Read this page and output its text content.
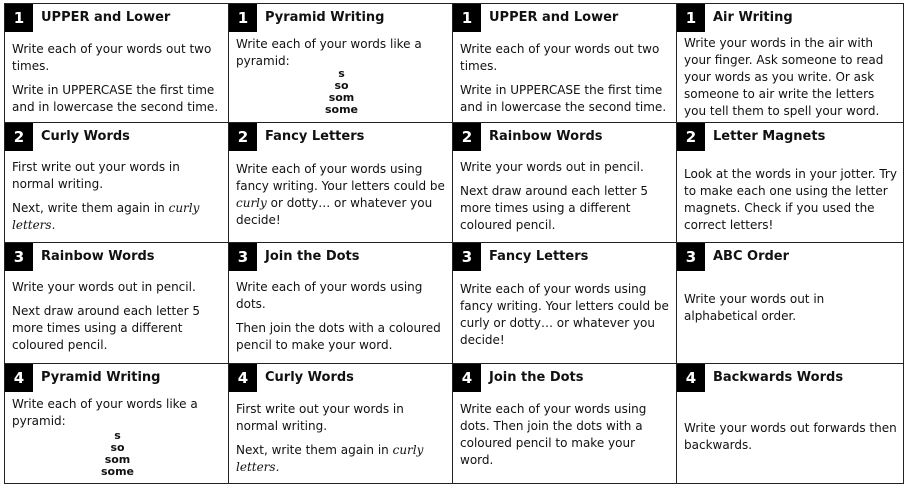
1	UPPER and Lower

Write each of your words out two times.

Write in UPPERCASE the first time and in lowercase the second time.

1	Pyramid Writing

Write each of your words like a pyramid:

s
so
som
some
1	UPPER and Lower

Write each of your words out two times.

Write in UPPERCASE the first time and in lowercase the second time.

1	Air Writing

Write your words in the air with your finger. Ask someone to read your words as you write. Or ask someone to air write the letters you tell them to spell your word.

2	Curly Words

First write out your words in normal writing.

Next, write them again in curly letters.

2	Fancy Letters

Write each of your words using fancy writing. Your letters could be curly or dotty… or whatever you decide!

2	Rainbow Words

Write your words out in pencil.

Next draw around each letter 5 more times using a different coloured pencil.

2	Letter Magnets

Look at the words in your jotter. Try to make each one using the letter magnets. Check if you used the correct letters!

3	Rainbow Words

Write your words out in pencil.

Next draw around each letter 5 more times using a different coloured pencil.

3	Join the Dots

Write each of your words using dots.

Then join the dots with a coloured pencil to make your word.

3	Fancy Letters

Write each of your words using fancy writing. Your letters could be curly or dotty… or whatever you decide!

3	ABC Order

Write your words out in alphabetical order.

4	Pyramid Writing

Write each of your words like a pyramid:

s
so
som
some
4	Curly Words

First write out your words in normal writing.

Next, write them again in curly letters.

4	Join the Dots

Write each of your words using dots. Then join the dots with a coloured pencil to make your word.

4	Backwards Words

Write your words out forwards then backwards.
